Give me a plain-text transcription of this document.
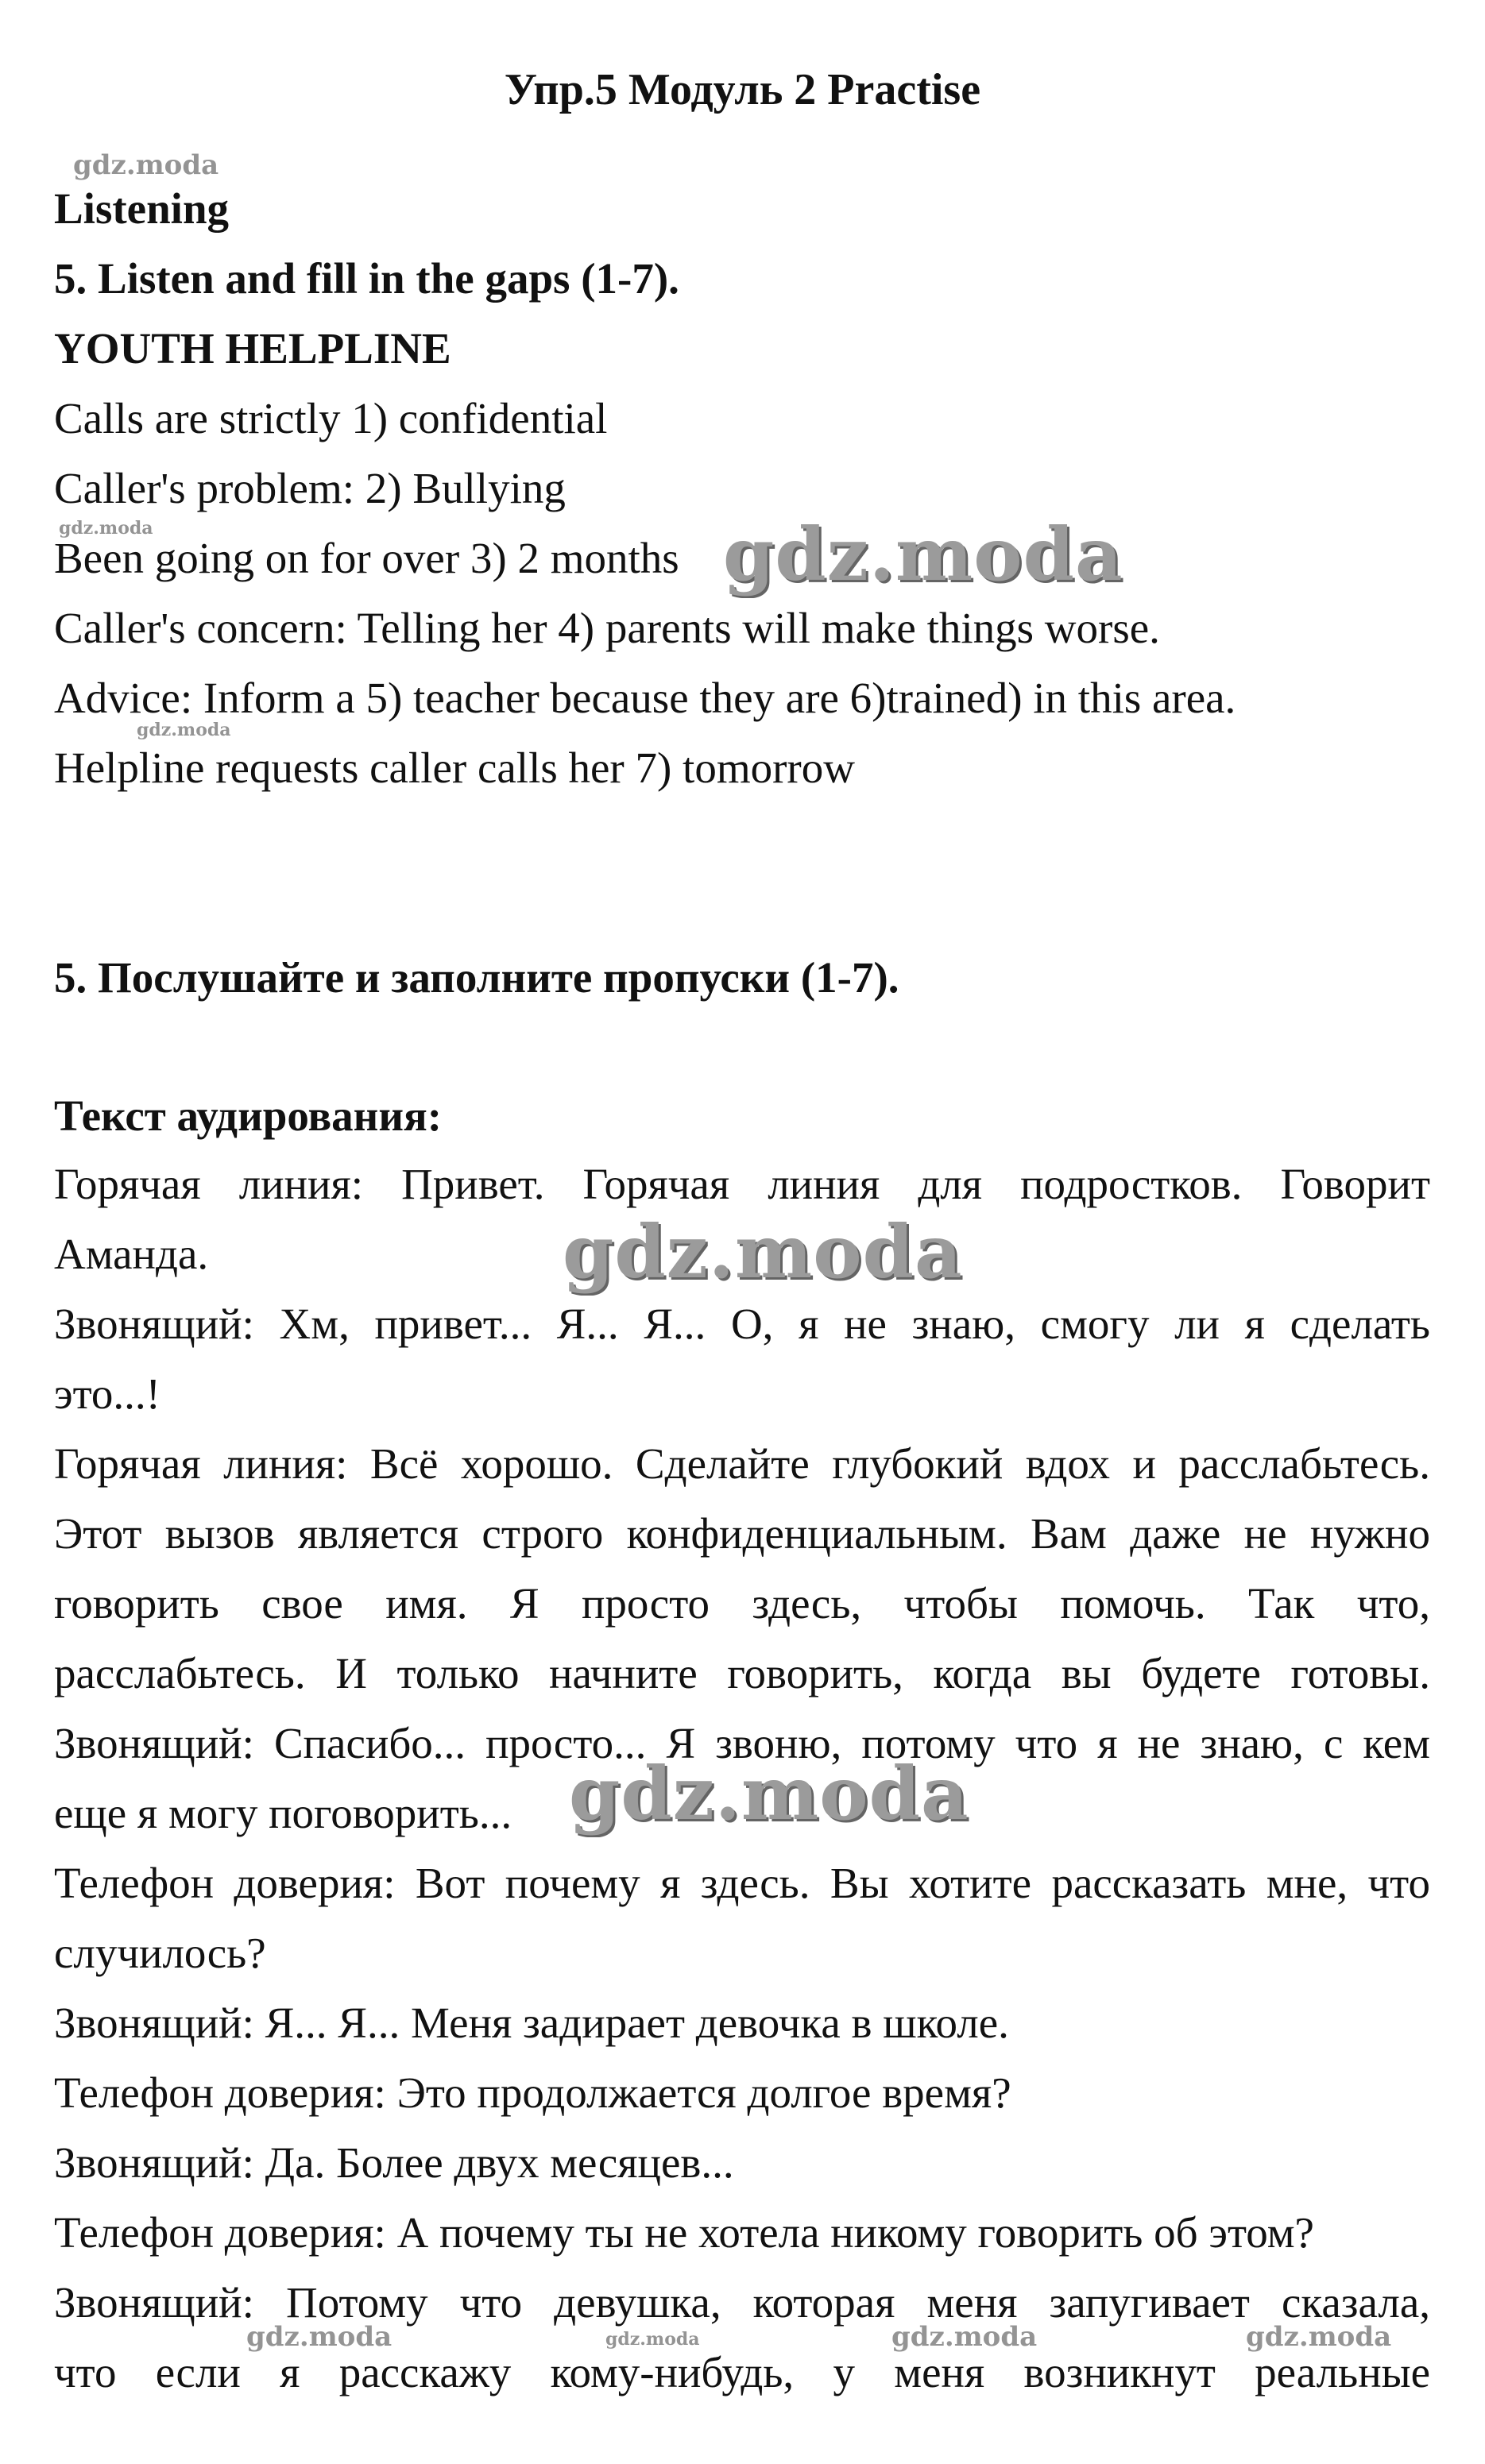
Упр.5 Модуль 2 Practise
Listening
5. Listen and fill in the gaps (1-7).
YOUTH HELPLINE
Calls are strictly 1) confidential
Caller's problem: 2) Bullying
Been going on for over 3) 2 months
Caller's concern: Telling her 4) parents will make things worse.
Advice: Inform a 5) teacher because they are 6)trained) in this area.
Helpline requests caller calls her 7) tomorrow
5. Послушайте и заполните пропуски (1-7).
Текст аудирования:
Горячая линия: Привет. Горячая линия для подростков. Говорит
Аманда.
Звонящий: Хм, привет... Я... Я... О, я не знаю, смогу ли я сделать
это...!
Горячая линия: Всё хорошо. Сделайте глубокий вдох и расслабьтесь.
Этот вызов является строго конфиденциальным. Вам даже не нужно
говорить свое имя. Я просто здесь, чтобы помочь. Так что,
расслабьтесь. И только начните говорить, когда вы будете готовы.
Звонящий: Спасибо... просто... Я звоню, потому что я не знаю, с кем
еще я могу поговорить...
Телефон доверия: Вот почему я здесь. Вы хотите рассказать мне, что
случилось?
Звонящий: Я... Я... Меня задирает девочка в школе.
Телефон доверия: Это продолжается долгое время?
Звонящий: Да. Более двух месяцев...
Телефон доверия: А почему ты не хотела никому говорить об этом?
Звонящий: Потому что девушка, которая меня запугивает сказала,
что если я расскажу кому-нибудь, у меня возникнут реальные
gdz.moda
gdz.moda	gdz.moda
gdz.moda
gdz.moda
gdz.moda
gdz.moda	gdz.moda	gdz.moda	gdz.moda
